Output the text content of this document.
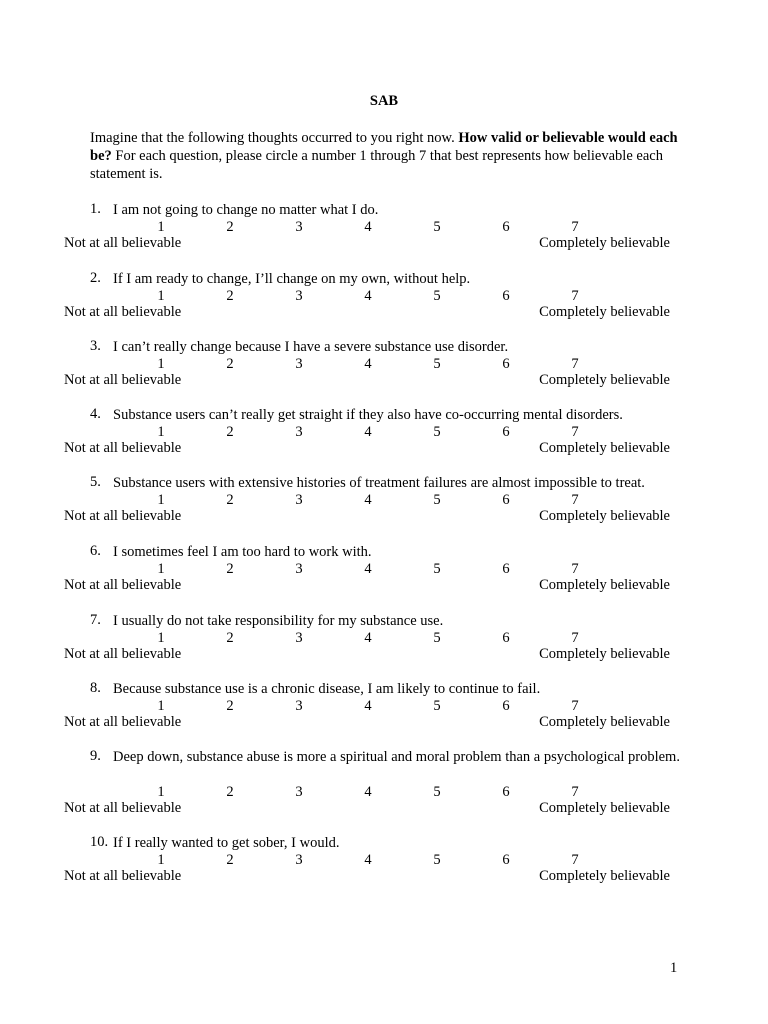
SAB
Imagine that the following thoughts occurred to you right now. How valid or believable would each be? For each question, please circle a number 1 through 7 that best represents how believable each statement is.
1. I am not going to change no matter what I do.
1	2	3	4	5	6	7
Not at all believable	Completely believable
2. If I am ready to change, I’ll change on my own, without help.
1	2	3	4	5	6	7
Not at all believable	Completely believable
3. I can’t really change because I have a severe substance use disorder.
1	2	3	4	5	6	7
Not at all believable	Completely believable
4. Substance users can’t really get straight if they also have co-occurring mental disorders.
1	2	3	4	5	6	7
Not at all believable	Completely believable
5. Substance users with extensive histories of treatment failures are almost impossible to treat.
1	2	3	4	5	6	7
Not at all believable	Completely believable
6. I sometimes feel I am too hard to work with.
1	2	3	4	5	6	7
Not at all believable	Completely believable
7. I usually do not take responsibility for my substance use.
1	2	3	4	5	6	7
Not at all believable	Completely believable
8. Because substance use is a chronic disease, I am likely to continue to fail.
1	2	3	4	5	6	7
Not at all believable	Completely believable
9. Deep down, substance abuse is more a spiritual and moral problem than a psychological problem.
1	2	3	4	5	6	7
Not at all believable	Completely believable
10. If I really wanted to get sober, I would.
1	2	3	4	5	6	7
Not at all believable	Completely believable
1
